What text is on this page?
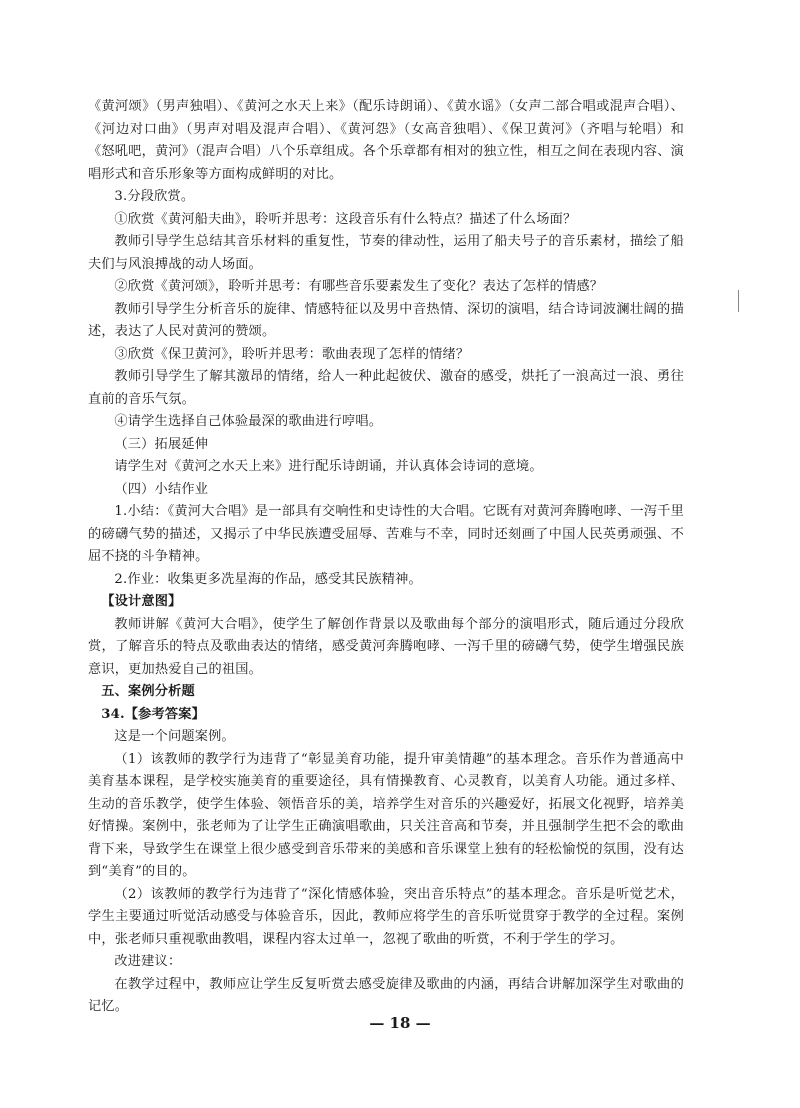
《黄河颂》（男声独唱）、《黄河之水天上来》（配乐诗朗诵）、《黄水谣》（女声二部合唱或混声合唱）、《河边对口曲》（男声对唱及混声合唱）、《黄河怨》（女高音独唱）、《保卫黄河》（齐唱与轮唱）和《怒吼吧，黄河》（混声合唱）八个乐章组成。各个乐章都有相对的独立性，相互之间在表现内容、演唱形式和音乐形象等方面构成鲜明的对比。

3.分段欣赏。

①欣赏《黄河船夫曲》，聆听并思考：这段音乐有什么特点？描述了什么场面？

教师引导学生总结其音乐材料的重复性，节奏的律动性，运用了船夫号子的音乐素材，描绘了船夫们与风浪搏战的动人场面。

②欣赏《黄河颂》，聆听并思考：有哪些音乐要素发生了变化？表达了怎样的情感？

教师引导学生分析音乐的旋律、情感特征以及男中音热情、深切的演唱，结合诗词波澜壮阔的描述，表达了人民对黄河的赞颂。

③欣赏《保卫黄河》，聆听并思考：歌曲表现了怎样的情绪？

教师引导学生了解其激昂的情绪，给人一种此起彼伏、激奋的感受，烘托了一浪高过一浪、勇往直前的音乐气氛。

④请学生选择自己体验最深的歌曲进行哼唱。

（三）拓展延伸

请学生对《黄河之水天上来》进行配乐诗朗诵，并认真体会诗词的意境。

（四）小结作业

1.小结：《黄河大合唱》是一部具有交响性和史诗性的大合唱。它既有对黄河奔腾咆哮、一泻千里的磅礴气势的描述，又揭示了中华民族遭受屈辱、苦难与不幸，同时还刻画了中国人民英勇顽强、不屈不挠的斗争精神。

2.作业：收集更多冼星海的作品，感受其民族精神。

【设计意图】

教师讲解《黄河大合唱》，使学生了解创作背景以及歌曲每个部分的演唱形式，随后通过分段欣赏，了解音乐的特点及歌曲表达的情绪，感受黄河奔腾咆哮、一泻千里的磅礴气势，使学生增强民族意识，更加热爱自己的祖国。

五、案例分析题

34.【参考答案】

这是一个问题案例。

（1）该教师的教学行为违背了“彰显美育功能，提升审美情趣”的基本理念。音乐作为普通高中美育基本课程，是学校实施美育的重要途径，具有情操教育、心灵教育，以美育人功能。通过多样、生动的音乐教学，使学生体验、领悟音乐的美，培养学生对音乐的兴趣爱好，拓展文化视野，培养美好情操。案例中，张老师为了让学生正确演唱歌曲，只关注音高和节奏，并且强制学生把不会的歌曲背下来，导致学生在课堂上很少感受到音乐带来的美感和音乐课堂上独有的轻松愉悦的氛围，没有达到“美育”的目的。

（2）该教师的教学行为违背了“深化情感体验，突出音乐特点”的基本理念。音乐是听觉艺术，学生主要通过听觉活动感受与体验音乐，因此，教师应将学生的音乐听觉贯穿于教学的全过程。案例中，张老师只重视歌曲教唱，课程内容太过单一，忽视了歌曲的听赏，不利于学生的学习。

改进建议：

在教学过程中，教师应让学生反复听赏去感受旋律及歌曲的内涵，再结合讲解加深学生对歌曲的记忆。

— 18 —
